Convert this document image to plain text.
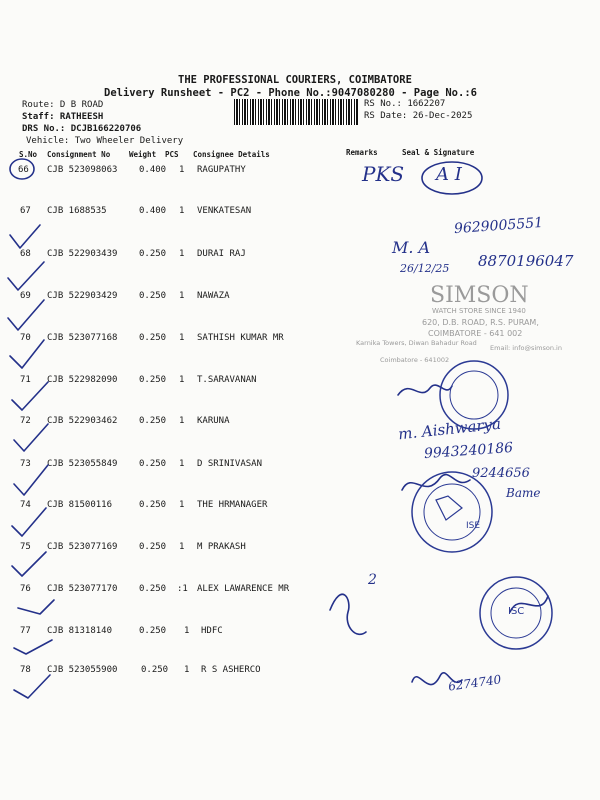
THE PROFESSIONAL COURIERS, COIMBATORE
Delivery Runsheet - PC2 - Phone No.:9047080280 - Page No.:6
Route: D B ROAD
Staff: RATHEESH
DRS No.: DCJB166220706
Vehicle: Two Wheeler Delivery
RS No.: 1662207
RS Date: 26-Dec-2025
S.No Consignment No	Weight PCS Consignee Details	Remarks	Seal & Signature
66 CJB 523098063 0.400 1 RAGUPATHY
67 CJB 1688535	0.400 1 VENKATESAN
68 CJB 522903439 0.250 1 DURAI RAJ
69 CJB 522903429 0.250 1 NAWAZA
70 CJB 523077168 0.250 1 SATHISH KUMAR MR
71 CJB 522982090 0.250 1 T.SARAVANAN
72 CJB 522903462 0.250 1 KARUNA
73 CJB 523055849 0.250 1 D SRINIVASAN
74 CJB 81500116	0.250 1 THE HRMANAGER
75 CJB 523077169 0.250 1 M PRAKASH
76 CJB 523077170 0.250 :1 ALEX LAWARENCE MR
77 CJB 81318140	0.250 1 HDFC
78 CJB 523055900	0.250 1 R S ASHERCO
PKS A I
9629005551
M. A
26/12/25 8870196047
m. Aishwarya
9943240186
9244656
Bame
2
6274740
SIMSON
WATCH STORE SINCE 1940
620, D.B. ROAD, R.S. PURAM,
COIMBATORE - 641 002
Karnika Towers, Diwan Bahadur Road
Coimbatore - 641002
Email: info@simson.in
ISE
ISC
